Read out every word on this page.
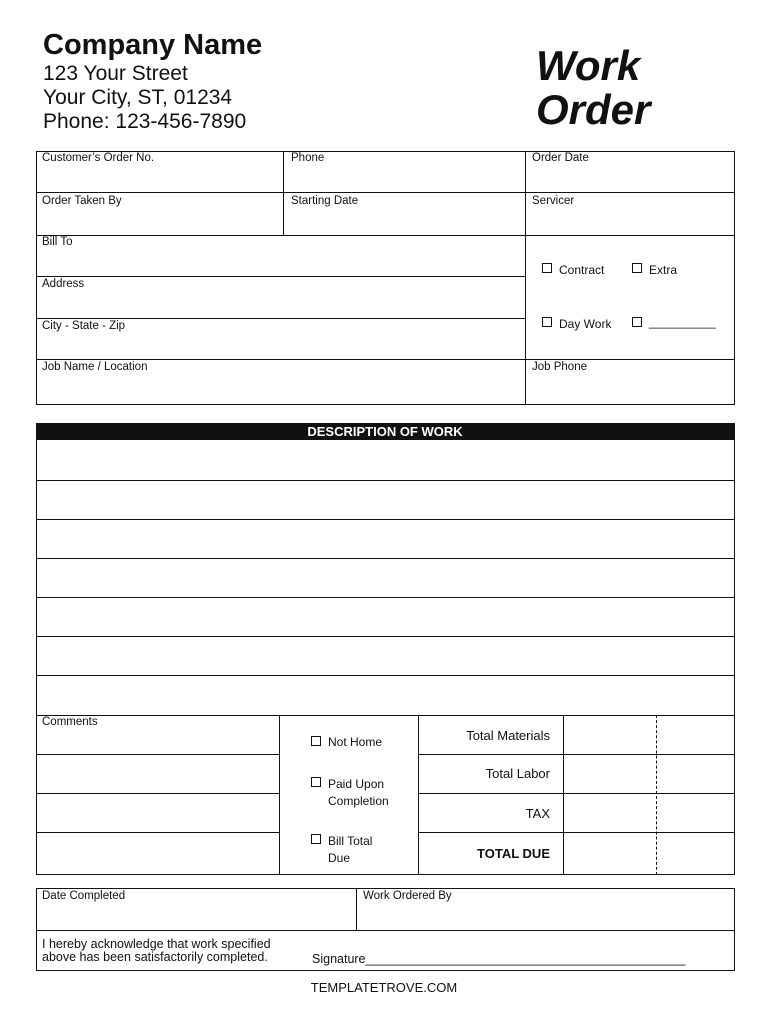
Company Name
123 Your Street
Your City, ST, 01234
Phone: 123-456-7890
Work
Order
Customer’s Order No.	Phone	Order Date
Order Taken By	Starting Date	Servicer
Bill To
Address
City - State - Zip
Job Name / Location	Job Phone
Contract	Extra
Day Work	__________
DESCRIPTION OF WORK
Comments
Not Home
Paid Upon
Completion
Bill Total
Due
Total Materials
Total Labor
TAX
TOTAL DUE
Date Completed	Work Ordered By
I hereby acknowledge that work specified
above has been satisfactorily completed.	Signature______________________________________________
TEMPLATETROVE.COM
